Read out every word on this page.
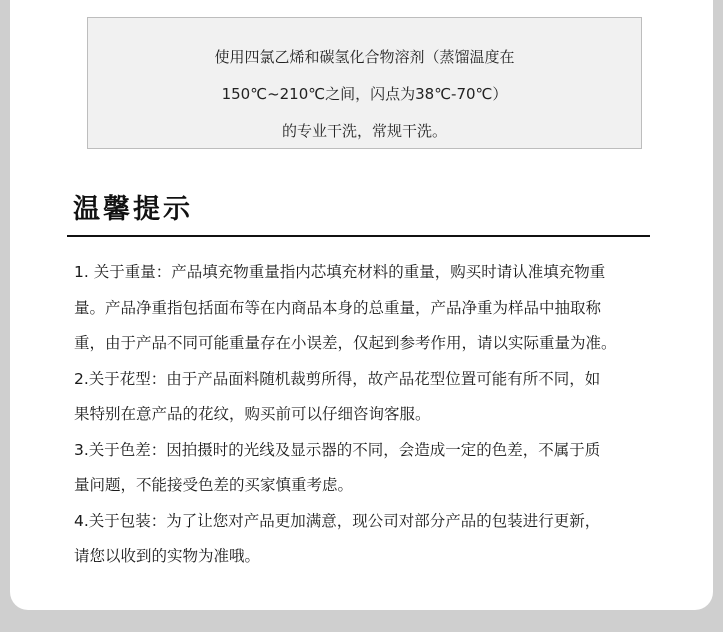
使用四氯乙烯和碳氢化合物溶剂（蒸馏温度在
150℃~210℃之间，闪点为38℃-70℃）
的专业干洗，常规干洗。
温馨提示
1. 关于重量：产品填充物重量指内芯填充材料的重量，购买时请认准填充物重
量。产品净重指包括面布等在内商品本身的总重量，产品净重为样品中抽取称
重，由于产品不同可能重量存在小误差，仅起到参考作用，请以实际重量为准。
2.关于花型：由于产品面料随机裁剪所得，故产品花型位置可能有所不同，如
果特别在意产品的花纹，购买前可以仔细咨询客服。
3.关于色差：因拍摄时的光线及显示器的不同，会造成一定的色差，不属于质
量问题，不能接受色差的买家慎重考虑。
4.关于包装：为了让您对产品更加满意，现公司对部分产品的包装进行更新，
请您以收到的实物为准哦。
